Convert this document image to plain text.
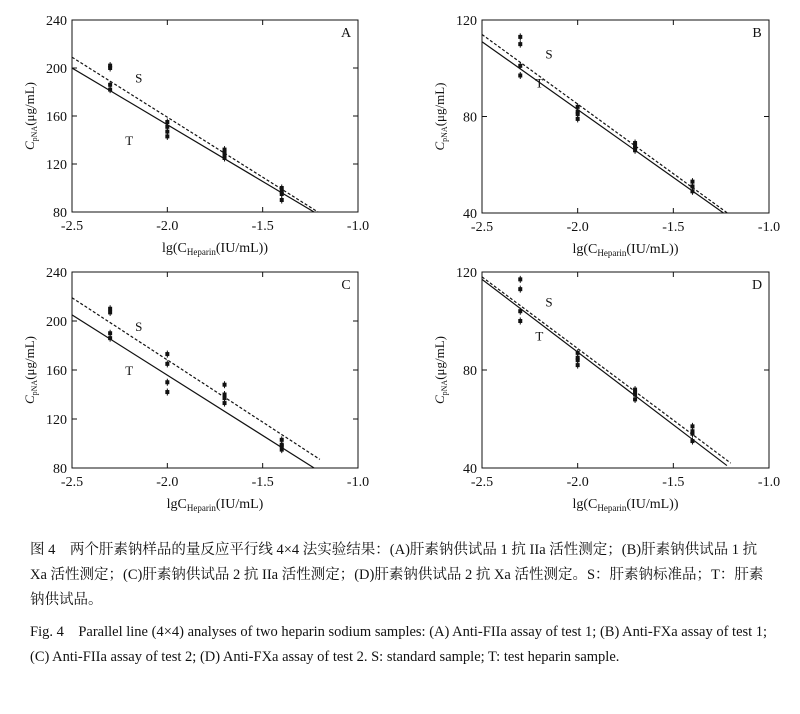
-2.5	-2.0	-1.5	-1.0
80
120
160
200
240
S
T
A
$\lg(C_{Heparin}(IU/mL))$
$C_{pNA}(\mu g/mL)$
-2.5	-2.0	-1.5	-1.0
40
80
120
S
T
B
$\lg(C_{Heparin}(IU/mL))$
$C_{pNA}(\mu g/mL)$
-2.5	-2.0	-1.5	-1.0
80
120
160
200
240
S
T
C
lgC$_{Heparin}$(IU/mL)
$C_{pNA}(\mu g/mL)$
-2.5	-2.0	-1.5	-1.0
40
80
120
S
T
D
$\lg(C_{Heparin}(IU/mL))$
$C_{pNA}(\mu g/mL)$

图 4　两个肝素钠样品的量反应平行线 4×4 法实验结果：(A)肝素钠供试品 1 抗 IIa 活性测定；(B)肝素钠供试品 1 抗 Xa 活性测定；(C)肝素钠供试品 2 抗 IIa 活性测定；(D)肝素钠供试品 2 抗 Xa 活性测定。S：肝素钠标准品；T：肝素钠供试品。

Fig. 4　Parallel line (4×4) analyses of two heparin sodium samples: (A) Anti-FIIa assay of test 1; (B) Anti-FXa assay of test 1; (C) Anti-FIIa assay of test 2; (D) Anti-FXa assay of test 2. S: standard sample; T: test heparin sample.
